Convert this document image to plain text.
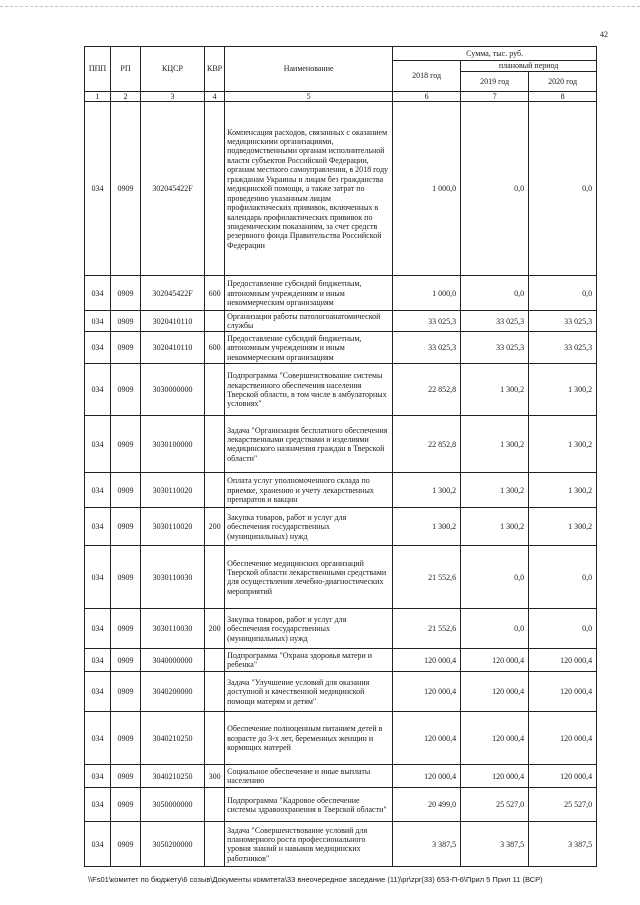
42
ППП	РП	КЦСР	КВР	Наименование	Сумма, тыс. руб.		
					2018 год	плановый период	
						2019 год	2020 год
1	2	3	4	5	6	7	8
034	0909	302045422F		Компенсация расходов, связанных с оказанием медицинскими организациями, подведомственными органам исполнительной власти субъектов Российской Федерации, органам местного самоуправления, в 2018 году гражданам Украины и лицам без гражданства медицинской помощи, а также затрат по проведению указанным лицам профилактических прививок, включенных в календарь профилактических прививок по эпидемическим показаниям, за счет средств резервного фонда Правительства Российской Федерации	1 000,0	0,0	0,0
034	0909	302045422F	600	Предоставление субсидий бюджетным, автономным учреждениям и иным некоммерческим организациям	1 000,0	0,0	0,0
034	0909	3020410110		Организация работы патологоанатомической службы	33 025,3	33 025,3	33 025,3
034	0909	3020410110	600	Предоставление субсидий бюджетным, автономным учреждениям и иным некоммерческим организациям	33 025,3	33 025,3	33 025,3
034	0909	3030000000		Подпрограмма "Совершенствование системы лекарственного обеспечения населения Тверской области, в том числе в амбулаторных условиях"	22 852,8	1 300,2	1 300,2
034	0909	3030100000		Задача "Организация бесплатного обеспечения лекарственными средствами и изделиями медицинского назначения граждан в Тверской области"	22 852,8	1 300,2	1 300,2
034	0909	3030110020		Оплата услуг уполномоченного склада по приемке, хранению и учету лекарственных препаратов и вакцин	1 300,2	1 300,2	1 300,2
034	0909	3030110020	200	Закупка товаров, работ и услуг для обеспечения государственных (муниципальных) нужд	1 300,2	1 300,2	1 300,2
034	0909	3030110030		Обеспечение медицинских организаций Тверской области лекарственными средствами для осуществления лечебно-диагностических мероприятий	21 552,6	0,0	0,0
034	0909	3030110030	200	Закупка товаров, работ и услуг для обеспечения государственных (муниципальных) нужд	21 552,6	0,0	0,0
034	0909	3040000000		Подпрограмма "Охрана здоровья матери и ребенка"	120 000,4	120 000,4	120 000,4
034	0909	3040200000		Задача "Улучшение условий для оказания доступной и качественной медицинской помощи матерям и детям"	120 000,4	120 000,4	120 000,4
034	0909	3040210250		Обеспечение полноценным питанием детей в возрасте до 3-х лет, беременных женщин и кормящих матерей	120 000,4	120 000,4	120 000,4
034	0909	3040210250	300	Социальное обеспечение и иные выплаты населению	120 000,4	120 000,4	120 000,4
034	0909	3050000000		Подпрограмма "Кадровое обеспечение системы здравоохранения в Тверской области"	20 499,0	25 527,0	25 527,0
034	0909	3050200000		Задача "Совершенствование условий для планомерного роста профессионального уровня знаний и навыков медицинских работников"	3 387,5	3 387,5	3 387,5
\\Fs01\комитет по бюджету\6 созыв\Документы комитета\33 внеочередное заседание (11)\pr\zpr(33) 653-П-6\Прил 5 Прил 11 (ВСР)
